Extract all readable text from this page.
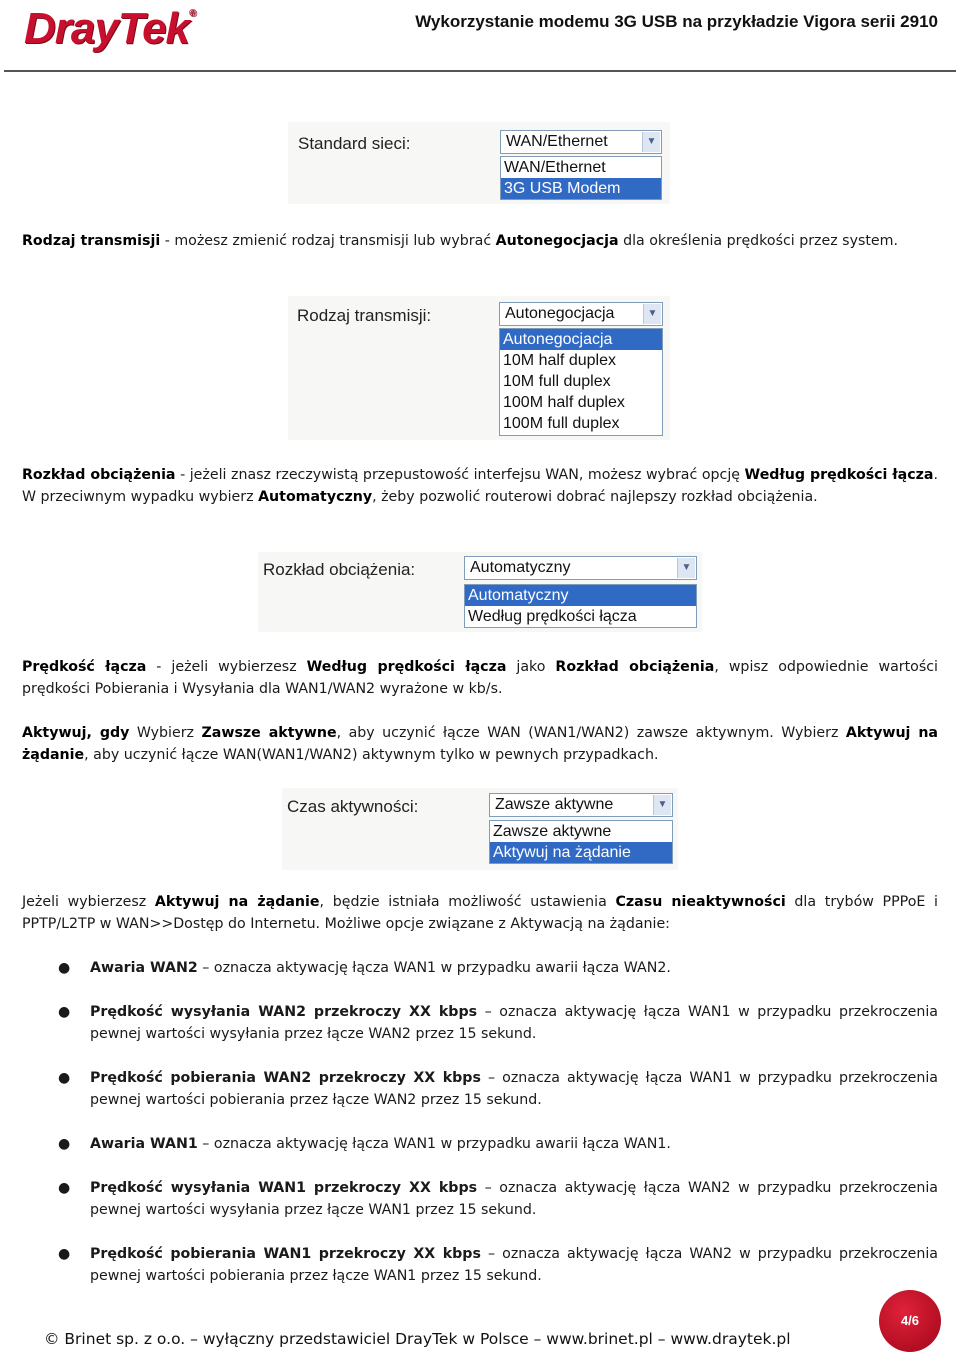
DrayTek®	Wykorzystanie modemu 3G USB na przykładzie Vigora serii 2910
Standard sieci:	WAN/Ethernet	▼
WAN/Ethernet
3G USB Modem
Rodzaj transmisji - możesz zmienić rodzaj transmisji lub wybrać Autonegocjacja dla określenia prędkości przez system.
Rodzaj transmisji:	Autonegocjacja	▼
Autonegocjacja
10M half duplex
10M full duplex
100M half duplex
100M full duplex
Rozkład obciążenia - jeżeli znasz rzeczywistą przepustowość interfejsu WAN, możesz wybrać opcję Według prędkości łącza. W przeciwnym wypadku wybierz Automatyczny, żeby pozwolić routerowi dobrać najlepszy rozkład obciążenia.
Rozkład obciążenia:	Automatyczny	▼
Automatyczny
Według prędkości łącza
Prędkość łącza - jeżeli wybierzesz Według prędkości łącza jako Rozkład obciążenia, wpisz odpowiednie wartości prędkości Pobierania i Wysyłania dla WAN1/WAN2 wyrażone w kb/s.
Aktywuj, gdy Wybierz Zawsze aktywne, aby uczynić łącze WAN (WAN1/WAN2) zawsze aktywnym. Wybierz Aktywuj na żądanie, aby uczynić łącze WAN(WAN1/WAN2) aktywnym tylko w pewnych przypadkach.
Czas aktywności:	Zawsze aktywne	▼
Zawsze aktywne
Aktywuj na żądanie
Jeżeli wybierzesz Aktywuj na żądanie, będzie istniała możliwość ustawienia Czasu nieaktywności dla trybów PPPoE i PPTP/L2TP w WAN>>Dostęp do Internetu. Możliwe opcje związane z Aktywacją na żądanie:
● Awaria WAN2 – oznacza aktywację łącza WAN1 w przypadku awarii łącza WAN2.
● Prędkość wysyłania WAN2 przekroczy XX kbps – oznacza aktywację łącza WAN1 w przypadku przekroczenia pewnej wartości wysyłania przez łącze WAN2 przez 15 sekund.
● Prędkość pobierania WAN2 przekroczy XX kbps – oznacza aktywację łącza WAN1 w przypadku przekroczenia pewnej wartości pobierania przez łącze WAN2 przez 15 sekund.
● Awaria WAN1 – oznacza aktywację łącza WAN1 w przypadku awarii łącza WAN1.
● Prędkość wysyłania WAN1 przekroczy XX kbps – oznacza aktywację łącza WAN2 w przypadku przekroczenia pewnej wartości wysyłania przez łącze WAN1 przez 15 sekund.
● Prędkość pobierania WAN1 przekroczy XX kbps – oznacza aktywację łącza WAN2 w przypadku przekroczenia pewnej wartości pobierania przez łącze WAN1 przez 15 sekund.
© Brinet sp. z o.o. – wyłączny przedstawiciel DrayTek w Polsce – www.brinet.pl – www.draytek.pl
4/6
